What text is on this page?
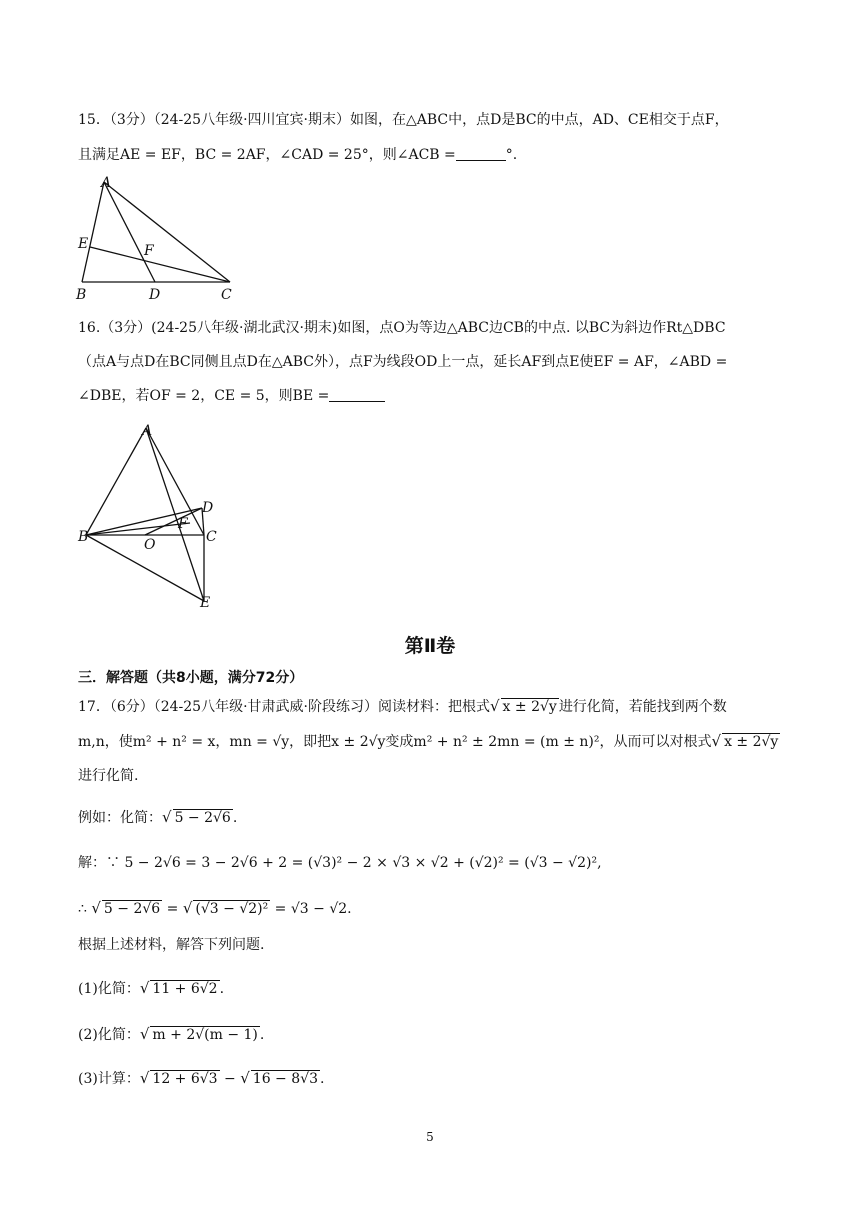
15．（3分）（24-25八年级·四川宜宾·期末）如图，在△ABC中，点D是BC的中点，AD、CE相交于点F，
且满足AE = EF，BC = 2AF，∠CAD = 25°，则∠ACB =	°.
A
E	F
B	D	C
16.（3分）(24-25八年级·湖北武汉·期末)如图，点O为等边△ABC边CB的中点. 以BC为斜边作Rt△DBC
（点A与点D在BC同侧且点D在△ABC外），点F为线段OD上一点，延长AF到点E使EF = AF，∠ABD =
∠DBE，若OF = 2，CE = 5，则BE =
A
B	O	C
D
F
E
第Ⅱ卷
三．解答题（共8小题，满分72分）
17．（6分）（24-25八年级·甘肃武威·阶段练习）阅读材料：把根式√ x ± 2√y 进行化简，若能找到两个数
m,n，使m² + n² = x，mn = √y，即把x ± 2√y变成m² + n² ± 2mn = (m ± n)²，从而可以对根式√ x ± 2√y
进行化简.
例如：化简：√ 5 − 2√6 .
解：∵ 5 − 2√6 = 3 − 2√6 + 2 = (√3)² − 2 × √3 × √2 + (√2)² = (√3 − √2)²,
∴ √ 5 − 2√6 = √ (√3 − √2)² = √3 − √2.
根据上述材料，解答下列问题.
(1)化简：√ 11 + 6√2 .
(2)化简：√ m + 2√(m − 1) .
(3)计算：√ 12 + 6√3 − √ 16 − 8√3 .
5
